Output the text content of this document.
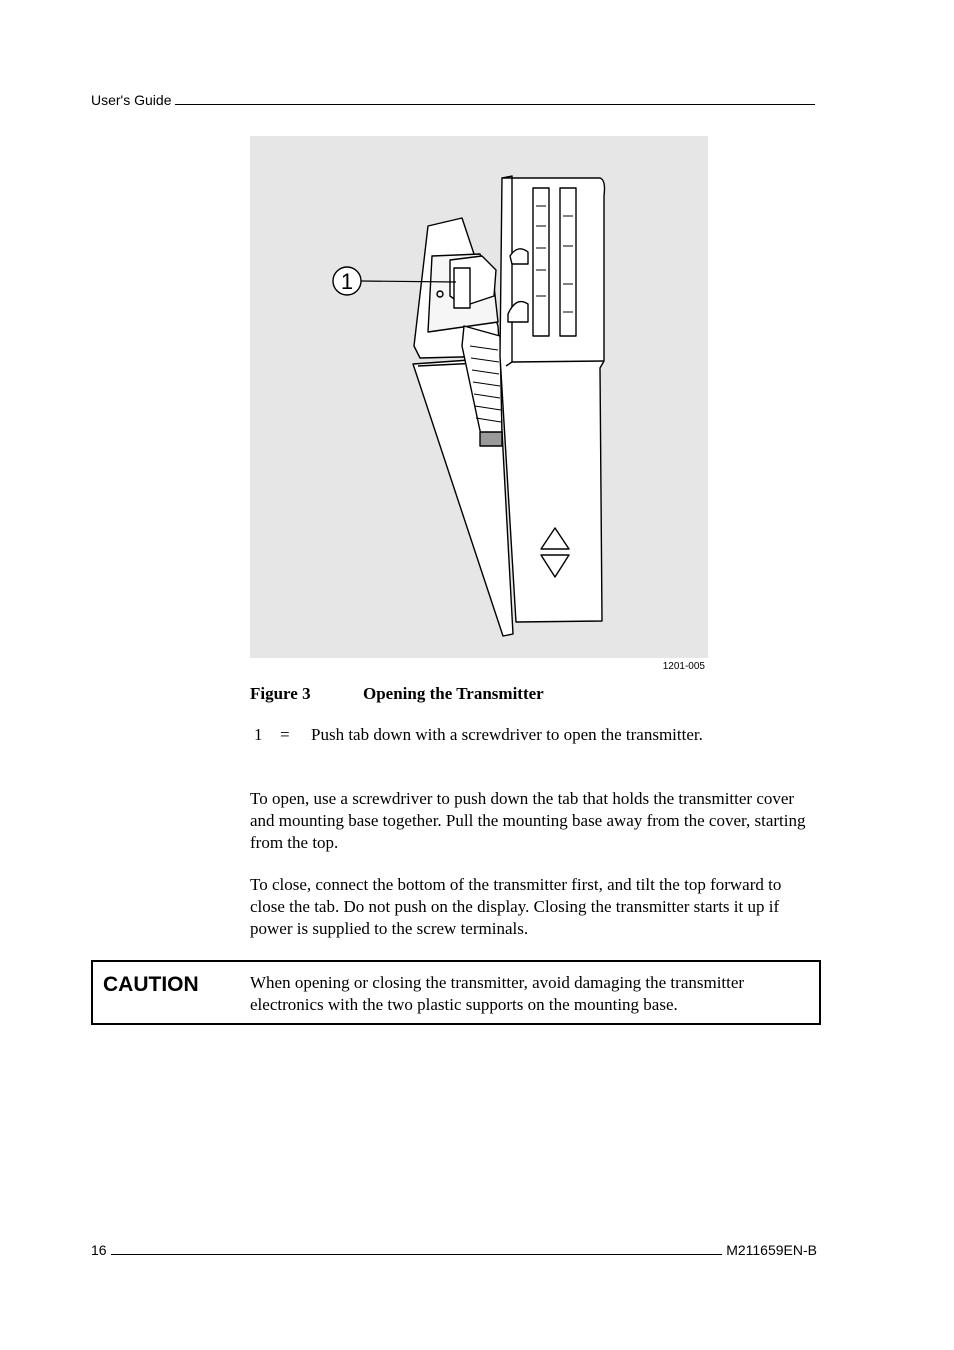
User's Guide
1
1201-005
Figure 3	Opening the Transmitter
1	=	Push tab down with a screwdriver to open the transmitter.
To open, use a screwdriver to push down the tab that holds the transmitter cover and mounting base together. Pull the mounting base away from the cover, starting from the top.
To close, connect the bottom of the transmitter first, and tilt the top forward to close the tab. Do not push on the display. Closing the transmitter starts it up if power is supplied to the screw terminals.
CAUTION	When opening or closing the transmitter, avoid damaging the transmitter electronics with the two plastic supports on the mounting base.
16	M211659EN-B
